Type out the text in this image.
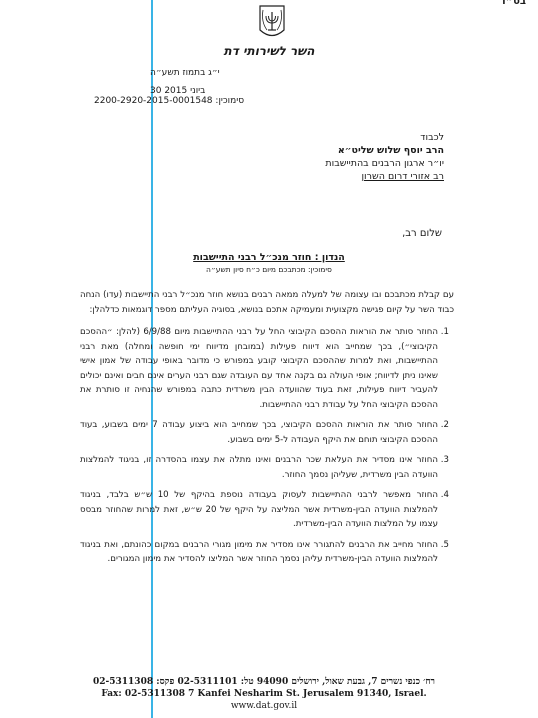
בס״ד
השר לשירותי דת
י״ג בתמוז תשע״ה
30 ביוני 2015
סימוכין: 2200-2920-2015-0001548
לכבוד
הרב יוסף שלוש שליט״א
יו״ר ארגון הרבנים בהתיישבות
רב אזורי דרום השרון
שלום רב,
הנדון : חוזר מנכ״ל רבני התיישבות
סימוכין: מכתבכם מיום כ״ח סיון תשע״ה

עם קבלת מכתבכם ובו עצומה של למעלה ממאה רבנים בנושא חוזר מנכ״ל רבני התיישבות (עדו) הנחה כבוד השר על קיום פגישה מקצועית ומעמיקה אתכם בנושא, בסוגיה העליתם מספר דוגמאות כדלהלן:

1. החוזר סותר את הוראות ההסכם הקיבוצי החל על רבני ההתיישבות מיום 6/9/88 (להלן: ״ההסכם הקיבוצי״), בכך שמחייב הוא דיווח פעילות (במובחן מדיווח ימי חופשה ומחלה) מאת רבני ההתיישבות, ואת למרות שההסכם הקיבוצי קובע במפורש כי מדובר באופי עבודה של אמון אישי שאינו ניתן לדיווח; אופי העולה גם בקנה אחד עם העובדה שגם רבני הערים אינם חבים ואינם יכולים להעביר דיווח פעילות, זאת בעוד שהוועדה הבין משרדית כתבה במפורש שהנחיה זו סותרת את ההסכם הקיבוצי החל על עבודת רבני ההתיישבות.
2. החוזר סותר את הוראות ההסכם הקיבוצי, בכך שמחייב הוא ביצוע עבודה 7 ימים בשבוע, בעוד ההסכם הקיבוצי תוחם את היקף העבודה ל-5 ימים בשבוע.
3. החוזר אינו מסדיר את העלאת שכר הרבנים ואינו מתלה את עצמו בהסדרה זו, בניגוד להמלצות הוועדה הבין משרדית, שעליהן נסמך החוזר.
4. החוזר מאפשר לרבני ההתיישבות לעסוק בעבודה נוספת בהיקף של 10 ש״ש בלבד, בניגוד להמלצות הוועדה הבין-משרדית אשר המליצה על היקף של 20 ש״ש, זאת למרות שהחוזר מבסס עצמו על המלצות הוועדה הבין-משרדית.
5. החוזר מחייב את הרבנים להתגורר אינו מסדיר את מימון מגורי הרבנים במקום כהונתם, ואת בניגוד להמלצות הוועדה הבין-משרדית עליהן נסמך החוזר אשר המליצו להסדיר את מימון המגורים.
רח׳ כנפי נשרים 7, גבעת שאול, ירושלים 94090 טל: 02-5311101 פקס: 02-5311308
Fax: 02-5311308 7 Kanfei Nesharim St. Jerusalem 91340, Israel.
www.dat.gov.il
